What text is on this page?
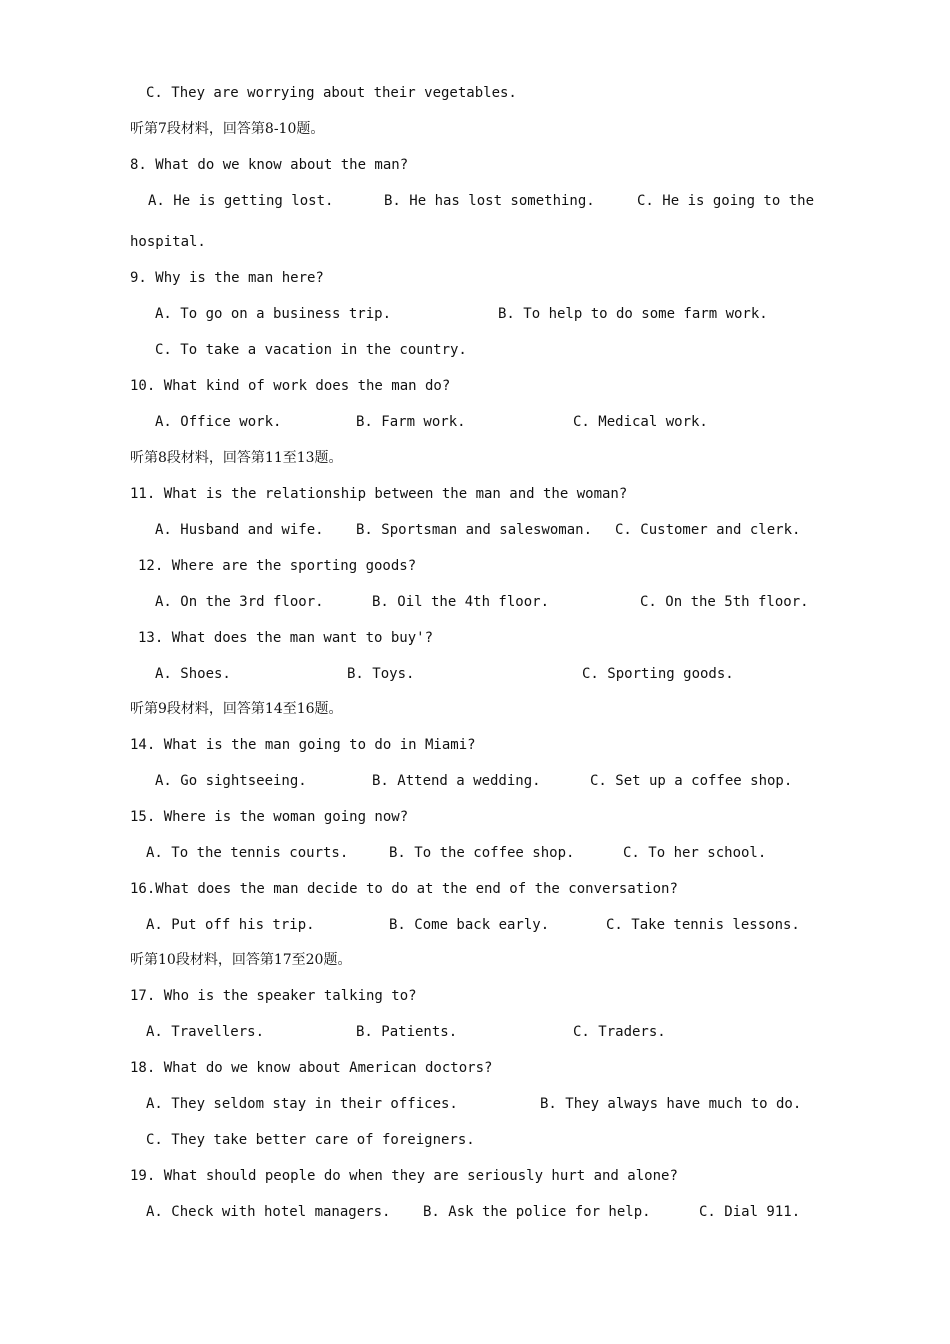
C. They are worrying about their vegetables.
听第7段材料，回答第8-10题。
8. What do we know about the man?
A. He is getting lost.	B. He has lost something.	C. He is going to the
hospital.
9. Why is the man here?
A. To go on a business trip.	B. To help to do some farm work.
C. To take a vacation in the country.
10. What kind of work does the man do?
A. Office work.	B. Farm work.	C. Medical work.
听第8段材料，回答第11至13题。
11. What is the relationship between the man and the woman?
A. Husband and wife. B. Sportsman and saleswoman. C. Customer and clerk.
12. Where are the sporting goods?
A. On the 3rd floor.	B. Oil the 4th floor.	C. On the 5th floor.
13. What does the man want to buy'?
A. Shoes.	B. Toys.	C. Sporting goods.
听第9段材料，回答第14至16题。
14. What is the man going to do in Miami?
A. Go sightseeing.	B. Attend a wedding.	C. Set up a coffee shop.
15. Where is the woman going now?
A. To the tennis courts.	B. To the coffee shop.	C. To her school.
16.What does the man decide to do at the end of the conversation?
A. Put off his trip.	B. Come back early.	C. Take tennis lessons.
听第10段材料，回答第17至20题。
17. Who is the speaker talking to?
A. Travellers.	B. Patients.	C. Traders.
18. What do we know about American doctors?
A. They seldom stay in their offices.	B. They always have much to do.
C. They take better care of foreigners.
19. What should people do when they are seriously hurt and alone?
A. Check with hotel managers. B. Ask the police for help.	C. Dial 911.
